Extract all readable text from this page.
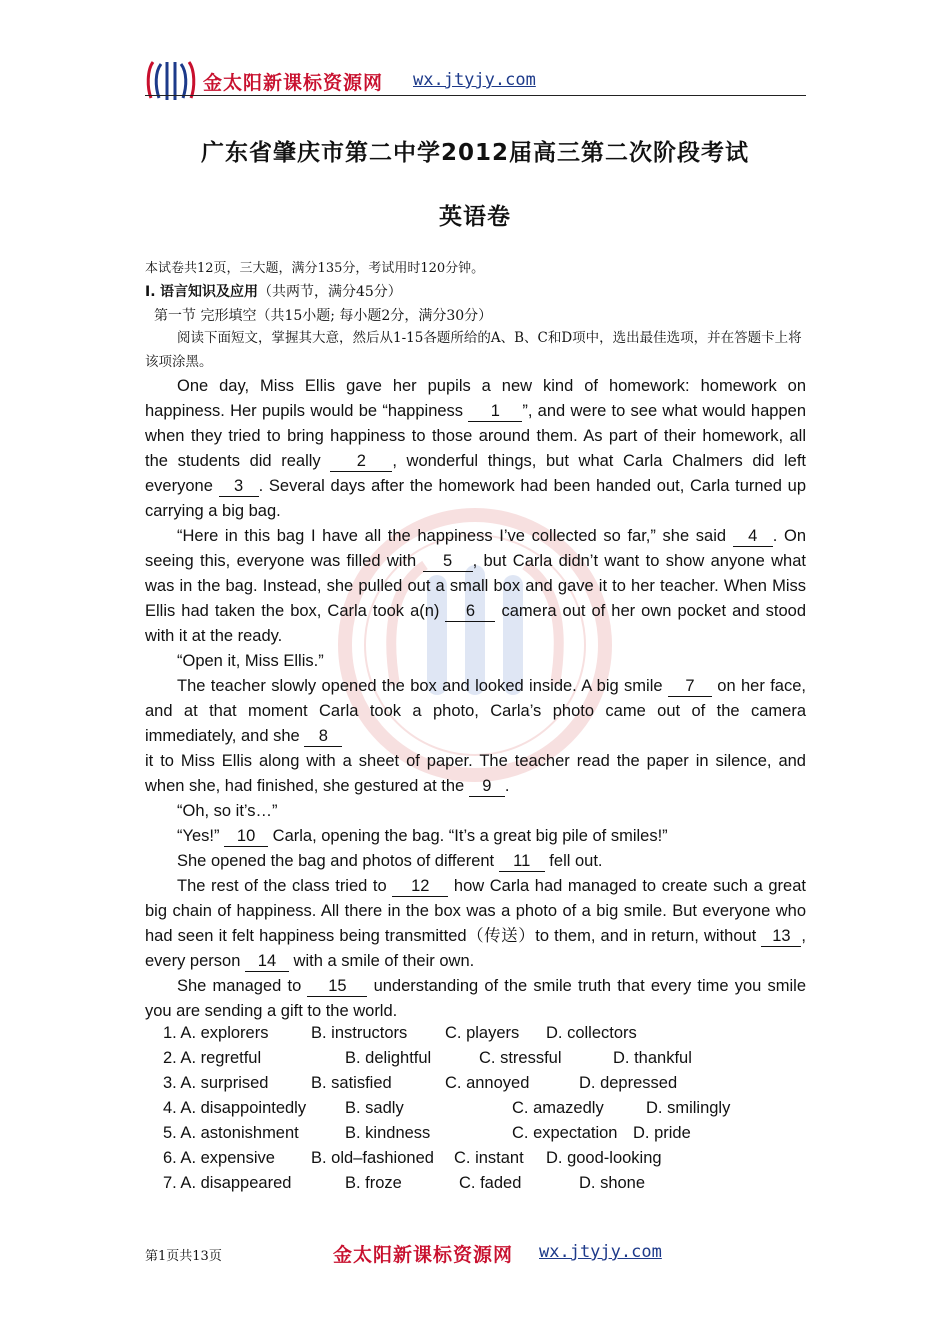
金太阳新课标资源网 wx.jtyjy.com
广东省肇庆市第二中学2012届高三第二次阶段考试
英语卷
本试卷共12页，三大题，满分135分，考试用时120分钟。
I. 语言知识及应用（共两节，满分45分）
第一节 完形填空（共15小题; 每小题2分，满分30分）
阅读下面短文，掌握其大意，然后从1-15各题所给的A、B、C和D项中，选出最佳选项，并在答题卡上将该项涂黑。

One day, Miss Ellis gave her pupils a new kind of homework: homework on happiness. Her pupils would be “happiness 1 ”, and were to see what would happen when they tried to bring happiness to those around them. As part of their homework, all the students did really 2 , wonderful things, but what Carla Chalmers did left everyone 3 . Several days after the homework had been handed out, Carla turned up carrying a big bag.

“Here in this bag I have all the happiness I’ve collected so far,” she said 4 . On seeing this, everyone was filled with 5 , but Carla didn’t want to show anyone what was in the bag. Instead, she pulled out a small box and gave it to her teacher. When Miss Ellis had taken the box, Carla took a(n) 6 camera out of her own pocket and stood with it at the ready.

“Open it, Miss Ellis.”

The teacher slowly opened the box and looked inside. A big smile 7 on her face, and at that moment Carla took a photo, Carla’s photo came out of the camera immediately, and she 8

it to Miss Ellis along with a sheet of paper. The teacher read the paper in silence, and when she, had finished, she gestured at the 9 .

“Oh, so it’s…”

“Yes!” 10 Carla, opening the bag. “It’s a great big pile of smiles!”

She opened the bag and photos of different 11 fell out.

The rest of the class tried to 12 how Carla had managed to create such a great big chain of happiness. All there in the box was a photo of a big smile. But everyone who had seen it felt happiness being transmitted（传送）to them, and in return, without 13 , every person 14 with a smile of their own.

She managed to 15 understanding of the smile truth that every time you smile you are sending a gift to the world.

1. A. explorers	B. instructors C. players D. collectors
2. A. regretful	B. delightful	C. stressful	D. thankful
3. A. surprised	B. satisfied	C. annoyed	D. depressed
4. A. disappointedly B. sadly	C. amazedly	D. smilingly
5. A. astonishment	B. kindness	C. expectation D. pride
6. A. expensive B. old–fashioned C. instant D. good-looking
7. A. disappeared	B. froze	C. faded	D. shone
第1页共13页	金太阳新课标资源网 wx.jtyjy.com
